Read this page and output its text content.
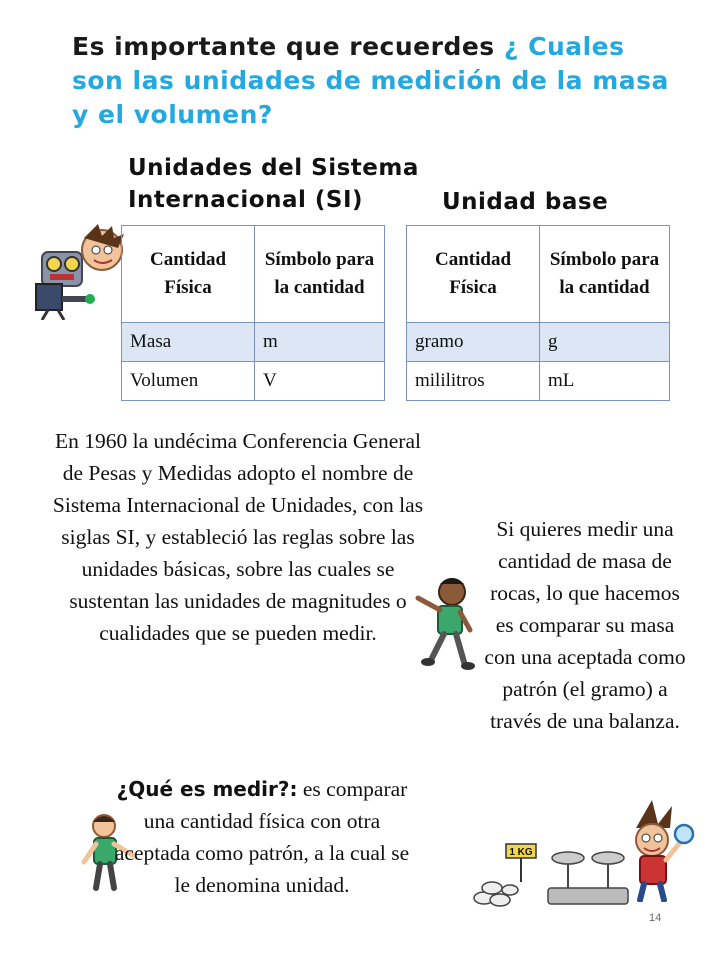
Es importante que recuerdes ¿ Cuales son las unidades de medición de la masa y el volumen?
Unidades del Sistema Internacional (SI)	Unidad base
Cantidad Física	Símbolo para la cantidad
Masa	m
Volumen	V
Cantidad Física	Símbolo para la cantidad
gramo	g
mililitros	mL
En 1960 la undécima Conferencia General de Pesas y Medidas adopto el nombre de Sistema Internacional de Unidades, con las siglas SI, y estableció las reglas sobre las unidades básicas, sobre las cuales se sustentan las unidades de magnitudes o cualidades que se pueden medir.
Si quieres medir una cantidad de masa de rocas, lo que hacemos es comparar su masa con una aceptada como patrón (el gramo) a través de una balanza.
¿Qué es medir?: es comparar una cantidad física con otra aceptada como patrón, a la cual se le denomina unidad.
1 KG
14
